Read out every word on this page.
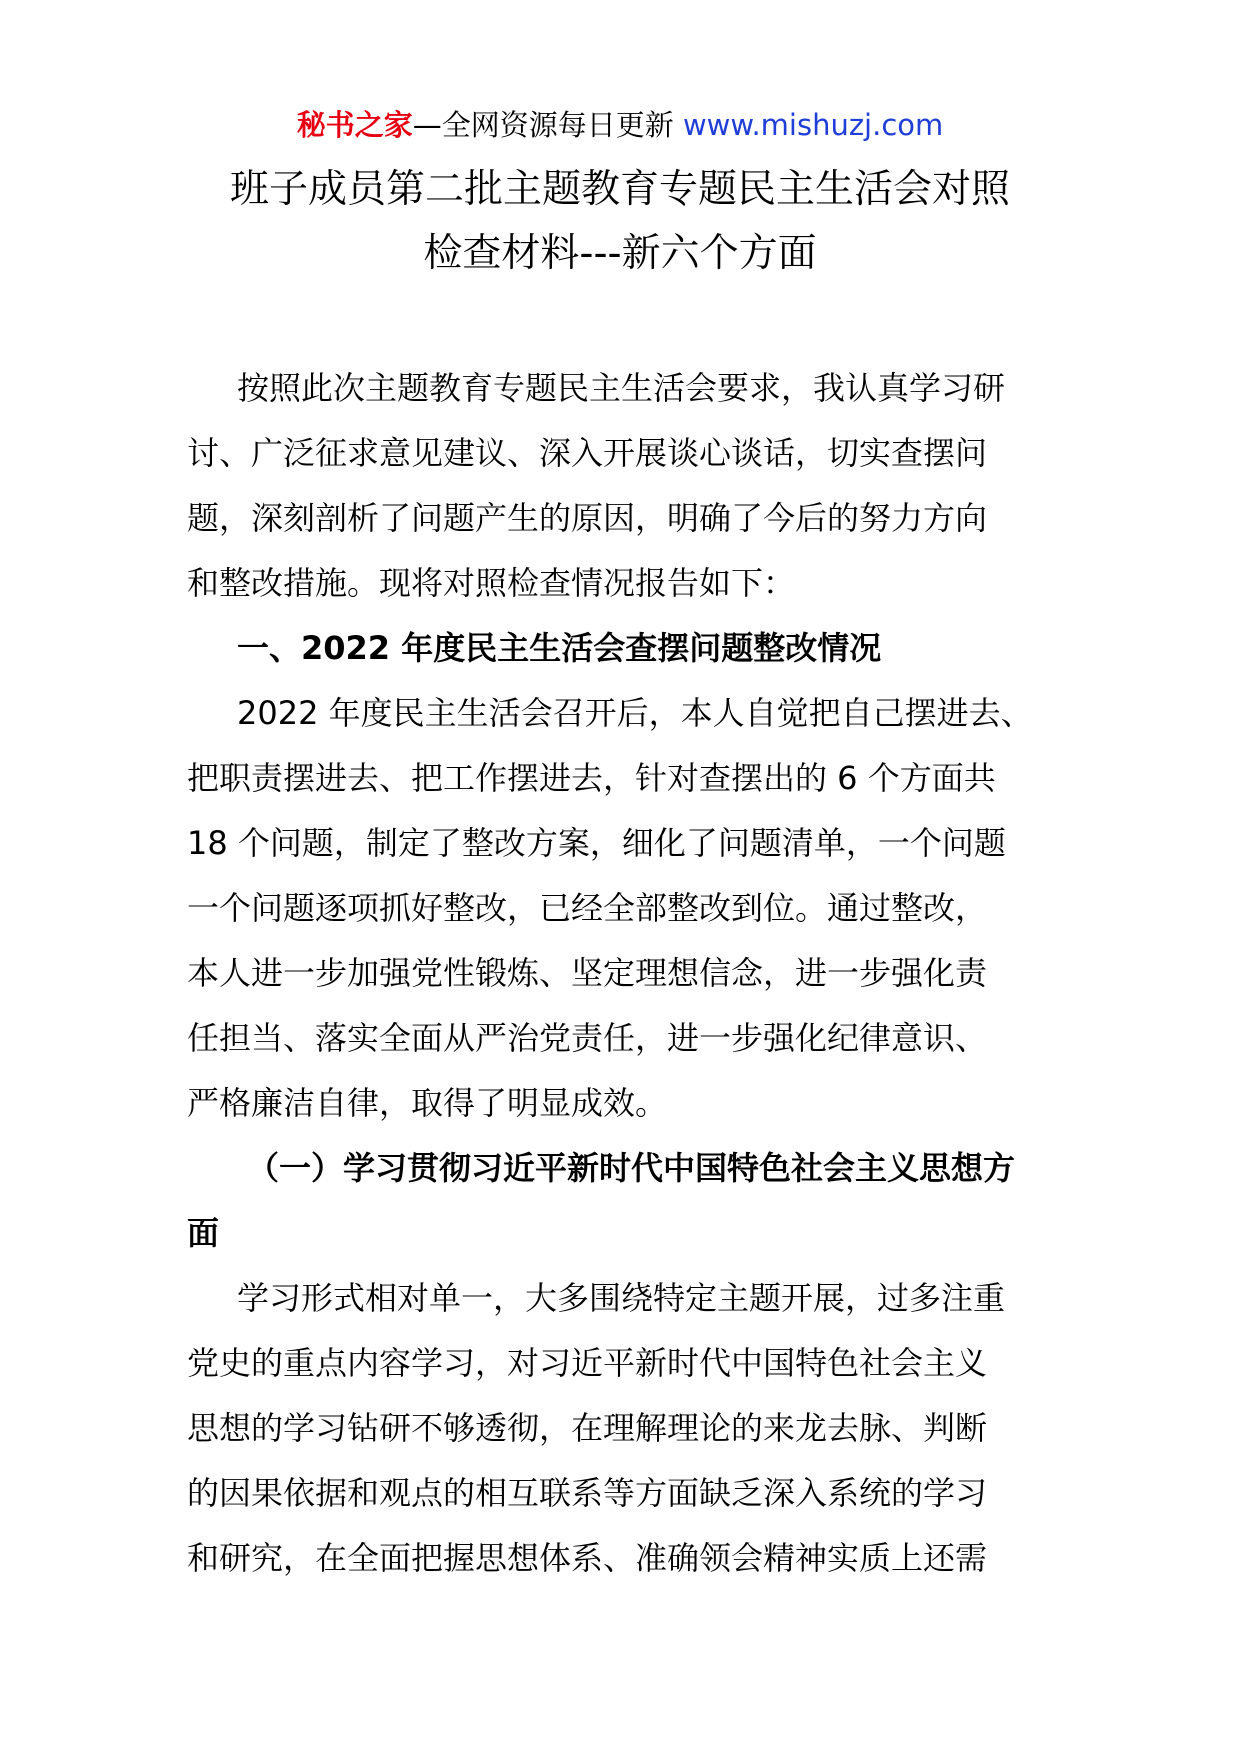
秘书之家—全网资源每日更新 www.mishuzj.com
班子成员第二批主题教育专题民主生活会对照
检查材料---新六个方面
按照此次主题教育专题民主生活会要求，我认真学习研
讨、广泛征求意见建议、深入开展谈心谈话，切实查摆问
题，深刻剖析了问题产生的原因，明确了今后的努力方向
和整改措施。现将对照检查情况报告如下：
一、2022 年度民主生活会查摆问题整改情况
2022 年度民主生活会召开后，本人自觉把自己摆进去、
把职责摆进去、把工作摆进去，针对查摆出的 6 个方面共
18 个问题，制定了整改方案，细化了问题清单，一个问题
一个问题逐项抓好整改，已经全部整改到位。通过整改，
本人进一步加强党性锻炼、坚定理想信念，进一步强化责
任担当、落实全面从严治党责任，进一步强化纪律意识、
严格廉洁自律，取得了明显成效。
（一）学习贯彻习近平新时代中国特色社会主义思想方
面
学习形式相对单一，大多围绕特定主题开展，过多注重
党史的重点内容学习，对习近平新时代中国特色社会主义
思想的学习钻研不够透彻，在理解理论的来龙去脉、判断
的因果依据和观点的相互联系等方面缺乏深入系统的学习
和研究，在全面把握思想体系、准确领会精神实质上还需
